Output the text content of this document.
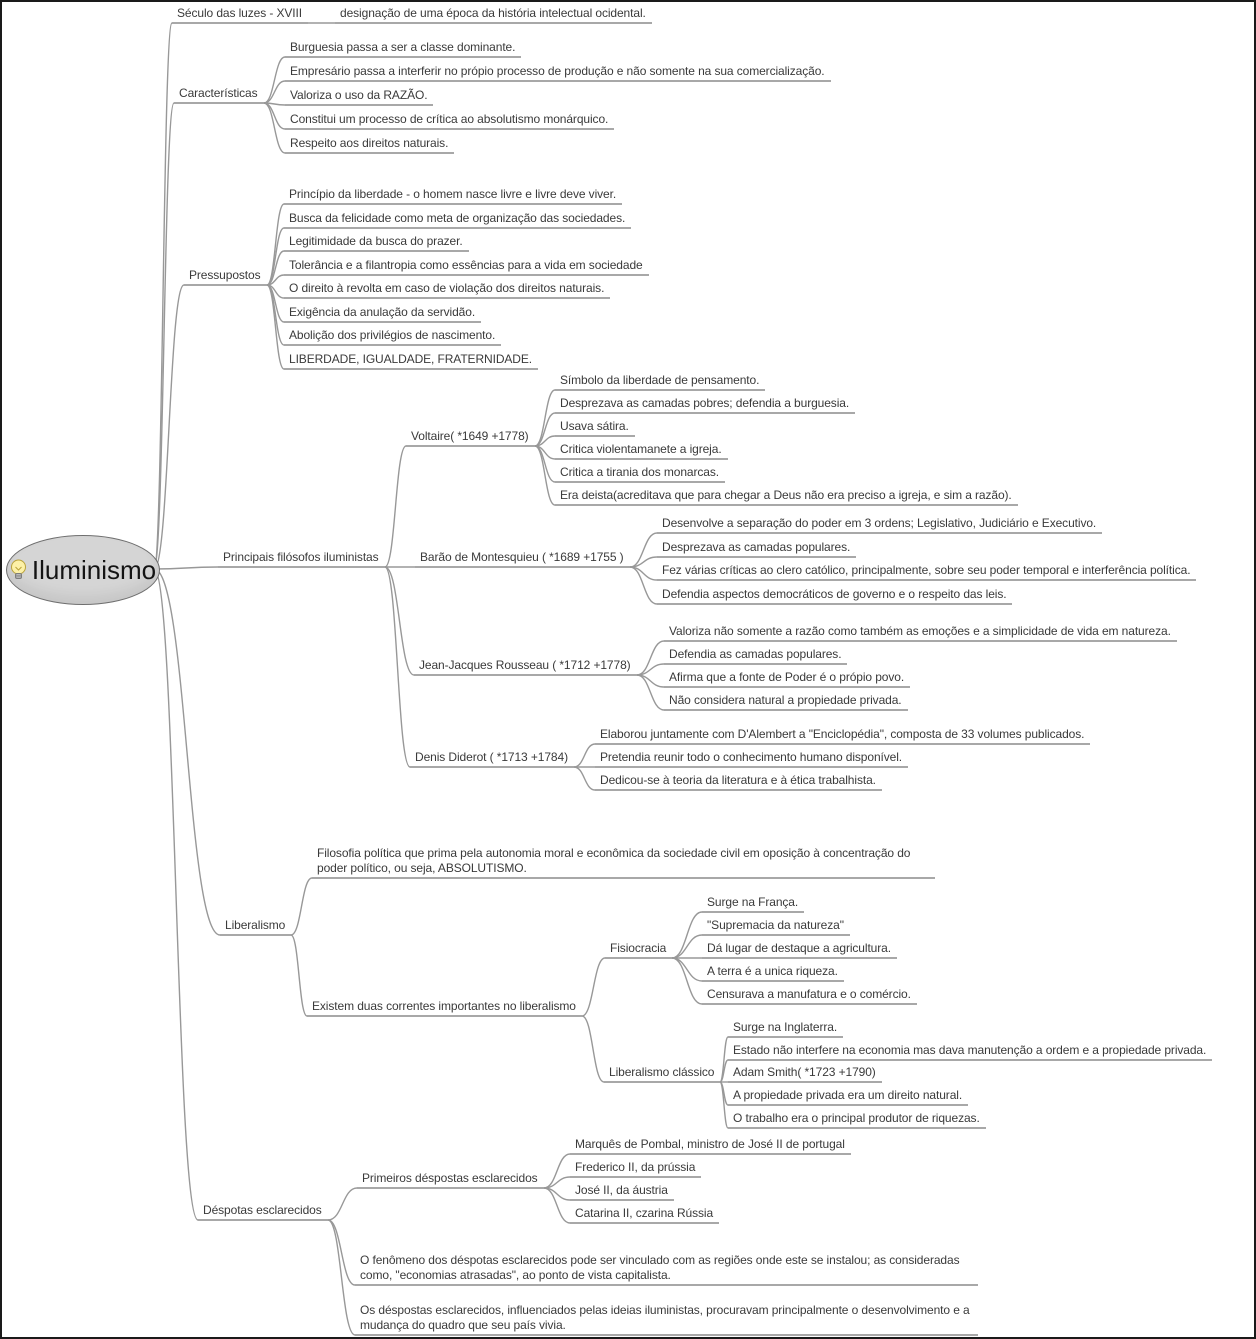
Século das luzes - XVIII	designação de uma época da história intelectual ocidental.
Características
Burguesia passa a ser a classe dominante.
Empresário passa a interferir no própio processo de produção e não somente na sua comercialização.
Valoriza o uso da RAZÃO.
Constitui um processo de crítica ao absolutismo monárquico.
Respeito aos direitos naturais.
Pressupostos
Princípio da liberdade - o homem nasce livre e livre deve viver.
Busca da felicidade como meta de organização das sociedades.
Legitimidade da busca do prazer.
Tolerância e a filantropia como essências para a vida em sociedade
O direito à revolta em caso de violação dos direitos naturais.
Exigência da anulação da servidão.
Abolição dos privilégios de nascimento.
LIBERDADE, IGUALDADE, FRATERNIDADE.
Principais filósofos iluministas
Voltaire( *1649 +1778)
Símbolo da liberdade de pensamento.
Desprezava as camadas pobres; defendia a burguesia.
Usava sátira.
Critica violentamanete a igreja.
Critica a tirania dos monarcas.
Era deista(acreditava que para chegar a Deus não era preciso a igreja, e sim a razão).
Barão de Montesquieu ( *1689 +1755 )
Desenvolve a separação do poder em 3 ordens; Legislativo, Judiciário e Executivo.
Desprezava as camadas populares.
Fez várias críticas ao clero católico, principalmente, sobre seu poder temporal e interferência política.
Defendia aspectos democráticos de governo e o respeito das leis.
Jean-Jacques Rousseau ( *1712 +1778)
Valoriza não somente a razão como também as emoções e a simplicidade de vida em natureza.
Defendia as camadas populares.
Afirma que a fonte de Poder é o própio povo.
Não considera natural a propiedade privada.
Denis Diderot ( *1713 +1784)
Elaborou juntamente com D'Alembert a "Enciclopédia", composta de 33 volumes publicados.
Pretendia reunir todo o conhecimento humano disponível.
Dedicou-se à teoria da literatura e à ética trabalhista.
Liberalismo
Filosofia política que prima pela autonomia moral e econômica da sociedade civil em oposição à concentração do poder político, ou seja, ABSOLUTISMO.
Existem duas correntes importantes no liberalismo
Fisiocracia
Surge na França.
"Supremacia da natureza"
Dá lugar de destaque a agricultura.
A terra é a unica riqueza.
Censurava a manufatura e o comércio.
Liberalismo clássico
Surge na Inglaterra.
Estado não interfere na economia mas dava manutenção a ordem e a propiedade privada.
Adam Smith( *1723 +1790)
A propiedade privada era um direito natural.
O trabalho era o principal produtor de riquezas.
Déspotas esclarecidos
Primeiros déspostas esclarecidos
Marquês de Pombal, ministro de José II de portugal
Frederico II, da prússia
José II, da áustria
Catarina II, czarina Rússia
O fenômeno dos déspotas esclarecidos pode ser vinculado com as regiões onde este se instalou; as consideradas como, "economias atrasadas", ao ponto de vista capitalista.
Os déspostas esclarecidos, influenciados pelas ideias iluministas, procuravam principalmente o desenvolvimento e a mudança do quadro que seu país vivia.
Iluminismo
